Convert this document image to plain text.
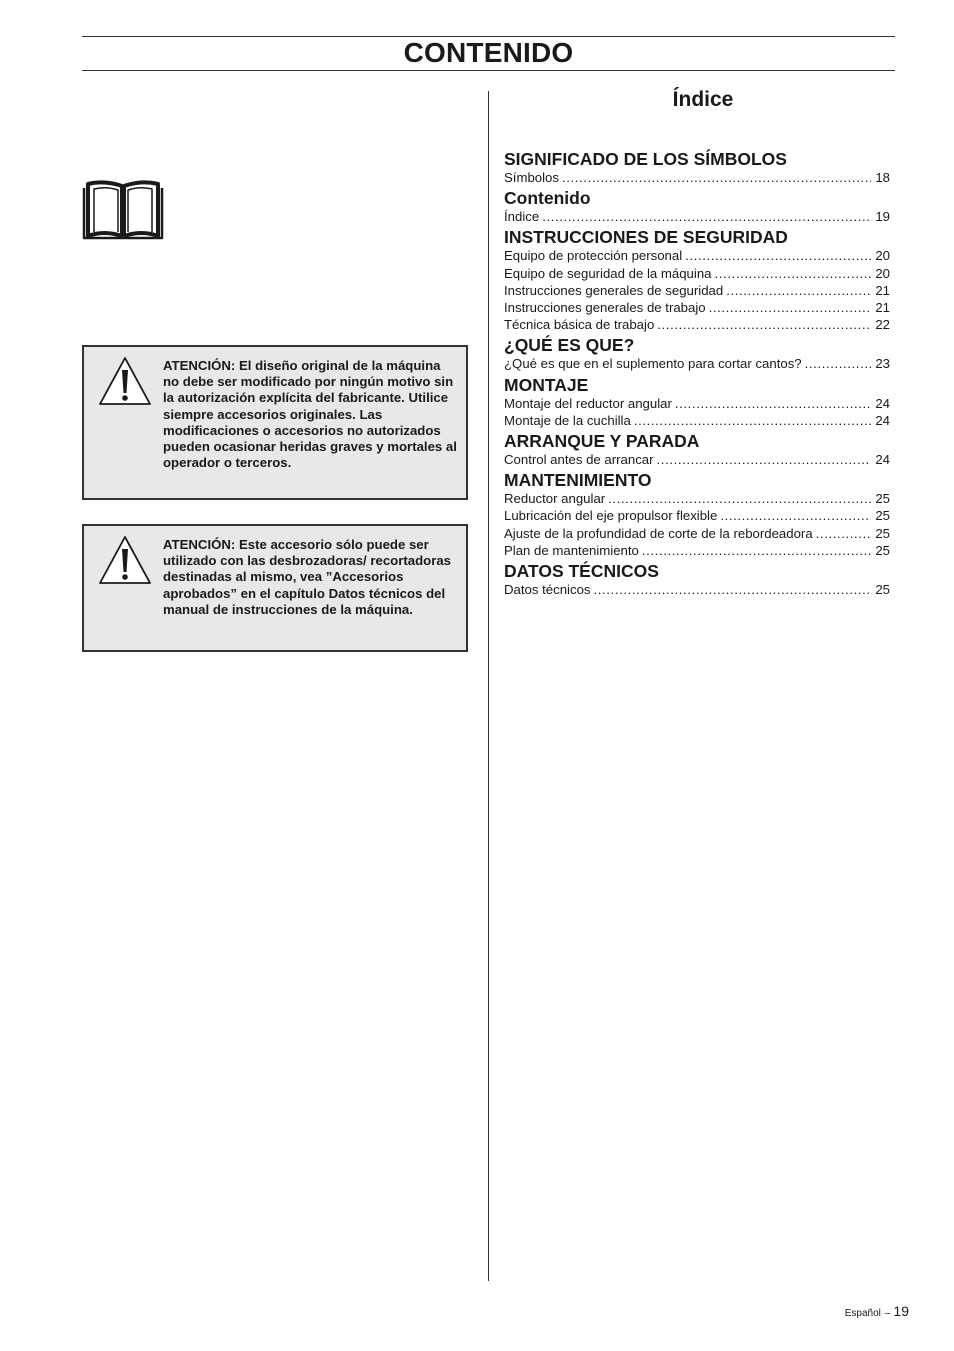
CONTENIDO
ATENCIÓN: El diseño original de la máquina no debe ser modificado por ningún motivo sin la autorización explícita del fabricante. Utilice siempre accesorios originales. Las modificaciones o accesorios no autorizados pueden ocasionar heridas graves y mortales al operador o terceros.
ATENCIÓN: Este accesorio sólo puede ser utilizado con las desbrozadoras/ recortadoras destinadas al mismo, vea ”Accesorios aprobados” en el capítulo Datos técnicos del manual de instrucciones de la máquina.
Índice
SIGNIFICADO DE LOS SÍMBOLOS
Símbolos .....	18
Contenido
Índice .....	19
INSTRUCCIONES DE SEGURIDAD
Equipo de protección personal .....	20
Equipo de seguridad de la máquina .....	20
Instrucciones generales de seguridad .....	21
Instrucciones generales de trabajo .....	21
Técnica básica de trabajo .....	22
¿QUÉ ES QUE?
¿Qué es que en el suplemento para cortar cantos? .....	23
MONTAJE
Montaje del reductor angular .....	24
Montaje de la cuchilla .....	24
ARRANQUE Y PARADA
Control antes de arrancar .....	24
MANTENIMIENTO
Reductor angular .....	25
Lubricación del eje propulsor flexible .....	25
Ajuste de la profundidad de corte de la rebordeadora .....	25
Plan de mantenimiento .....	25
DATOS TÉCNICOS
Datos técnicos .....	25
Español – 19
